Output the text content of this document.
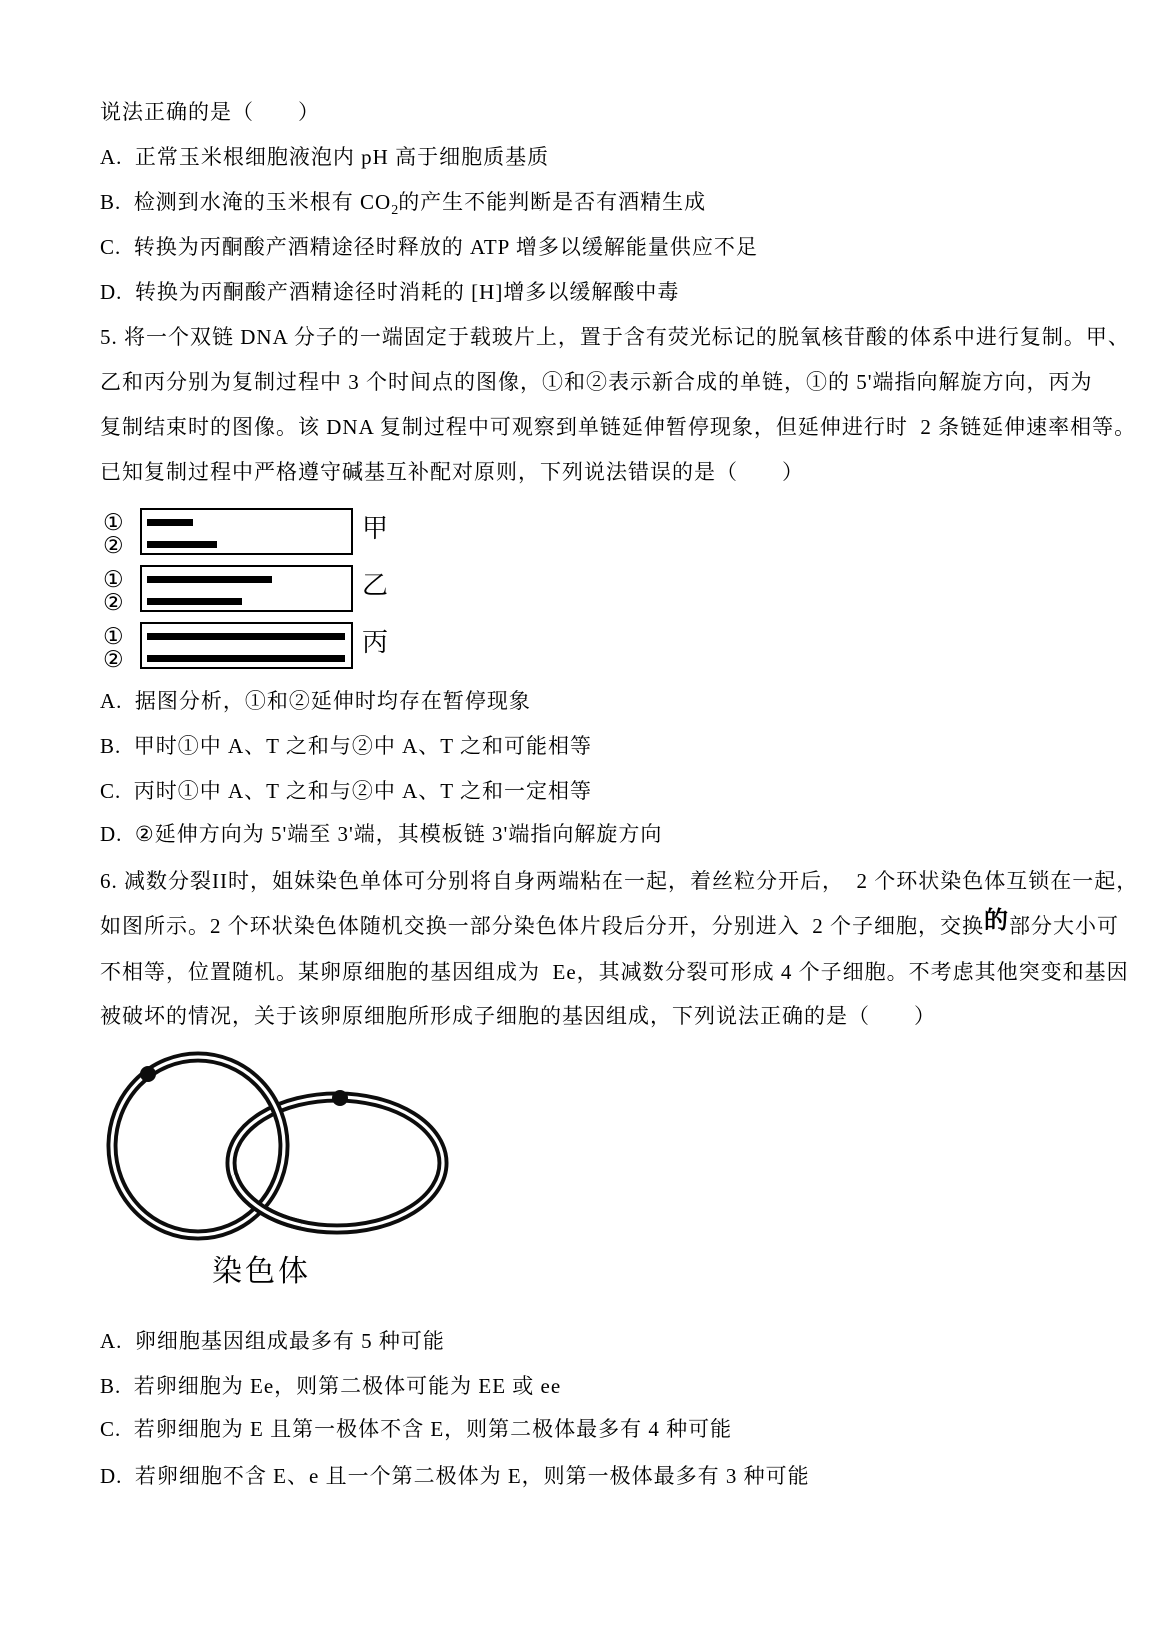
说法正确的是（　　）
A.  正常玉米根细胞液泡内 pH 高于细胞质基质
B.  检测到水淹的玉米根有 $CO_2$的产生不能判断是否有酒精生成
C.  转换为丙酮酸产酒精途径时释放的 ATP 增多以缓解能量供应不足
D.  转换为丙酮酸产酒精途径时消耗的 [H]增多以缓解酸中毒
5. 将一个双链 DNA 分子的一端固定于载玻片上，置于含有荧光标记的脱氧核苷酸的体系中进行复制。甲、
乙和丙分别为复制过程中 3 个时间点的图像，①和②表示新合成的单链，①的 5'端指向解旋方向，丙为
复制结束时的图像。该 DNA 复制过程中可观察到单链延伸暂停现象，但延伸进行时  2 条链延伸速率相等。
已知复制过程中严格遵守碱基互补配对原则，下列说法错误的是（　　）
①
②
甲
①
②
乙
①
②
丙
A.  据图分析，①和②延伸时均存在暂停现象
B.  甲时①中 A、T 之和与②中 A、T 之和可能相等
C.  丙时①中 A、T 之和与②中 A、T 之和一定相等
D.  ②延伸方向为 5'端至 3'端，其模板链 3'端指向解旋方向
6. 减数分裂II时，姐妹染色单体可分别将自身两端粘在一起，着丝粒分开后，  2 个环状染色体互锁在一起，
如图所示。2 个环状染色体随机交换一部分染色体片段后分开，分别进入  2 个子细胞，交换的部分大小可
不相等，位置随机。某卵原细胞的基因组成为  Ee，其减数分裂可形成 4 个子细胞。不考虑其他突变和基因
被破坏的情况，关于该卵原细胞所形成子细胞的基因组成，下列说法正确的是（　　）
染色体
A.  卵细胞基因组成最多有 5 种可能
B.  若卵细胞为 Ee，则第二极体可能为 EE 或 ee
C.  若卵细胞为 E 且第一极体不含 E，则第二极体最多有 4 种可能
D.  若卵细胞不含 E、e 且一个第二极体为 E，则第一极体最多有 3 种可能
